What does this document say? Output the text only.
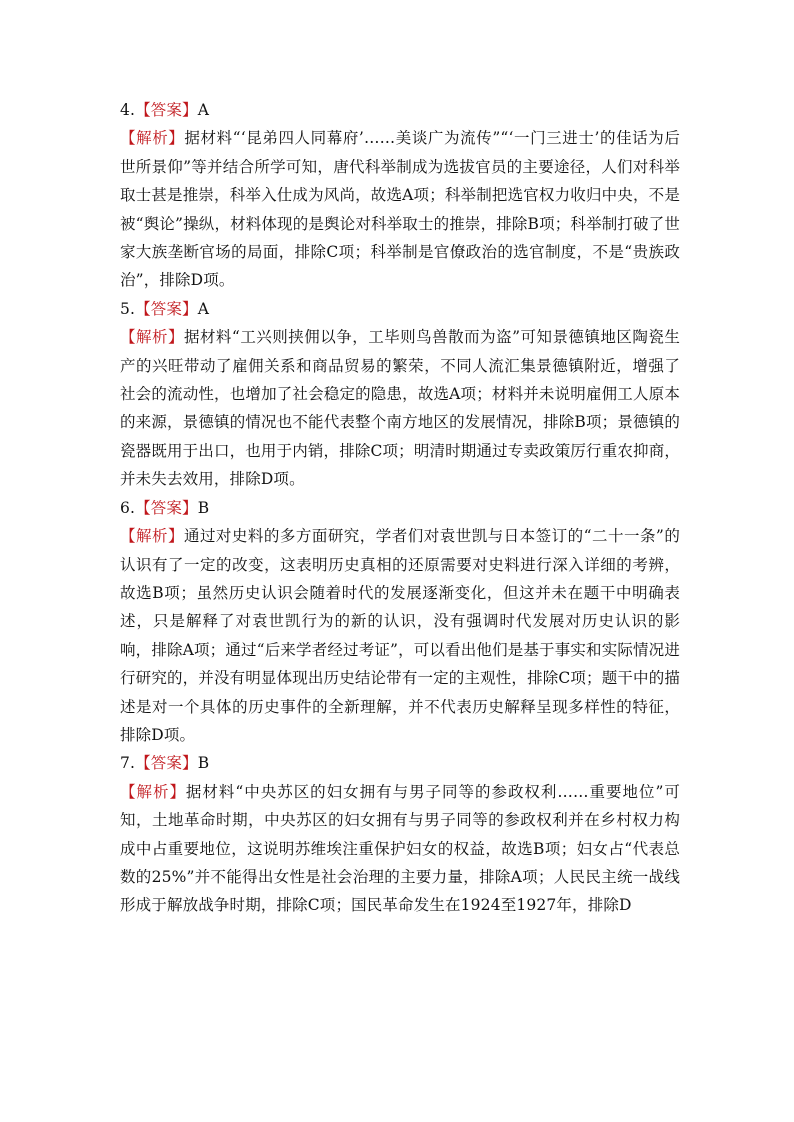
4.【答案】A
【解析】据材料“‘昆弟四人同幕府’……美谈广为流传”“‘一门三进士’的佳话为后世所景仰”等并结合所学可知，唐代科举制成为选拔官员的主要途径，人们对科举取士甚是推崇，科举入仕成为风尚，故选A项；科举制把选官权力收归中央，不是被“舆论”操纵，材料体现的是舆论对科举取士的推崇，排除B项；科举制打破了世家大族垄断官场的局面，排除C项；科举制是官僚政治的选官制度，不是“贵族政治”，排除D项。
5.【答案】A
【解析】据材料“工兴则挟佣以争，工毕则鸟兽散而为盗”可知景德镇地区陶瓷生产的兴旺带动了雇佣关系和商品贸易的繁荣，不同人流汇集景德镇附近，增强了社会的流动性，也增加了社会稳定的隐患，故选A项；材料并未说明雇佣工人原本的来源，景德镇的情况也不能代表整个南方地区的发展情况，排除B项；景德镇的瓷器既用于出口，也用于内销，排除C项；明清时期通过专卖政策厉行重农抑商，并未失去效用，排除D项。
6.【答案】B
【解析】通过对史料的多方面研究，学者们对袁世凯与日本签订的“二十一条”的认识有了一定的改变，这表明历史真相的还原需要对史料进行深入详细的考辨，故选B项；虽然历史认识会随着时代的发展逐渐变化，但这并未在题干中明确表述，只是解释了对袁世凯行为的新的认识，没有强调时代发展对历史认识的影响，排除A项；通过“后来学者经过考证”，可以看出他们是基于事实和实际情况进行研究的，并没有明显体现出历史结论带有一定的主观性，排除C项；题干中的描述是对一个具体的历史事件的全新理解，并不代表历史解释呈现多样性的特征，排除D项。
7.【答案】B
【解析】据材料“中央苏区的妇女拥有与男子同等的参政权利……重要地位”可知，土地革命时期，中央苏区的妇女拥有与男子同等的参政权利并在乡村权力构成中占重要地位，这说明苏维埃注重保护妇女的权益，故选B项；妇女占“代表总数的25%”并不能得出女性是社会治理的主要力量，排除A项；人民民主统一战线形成于解放战争时期，排除C项；国民革命发生在1924至1927年，排除D
